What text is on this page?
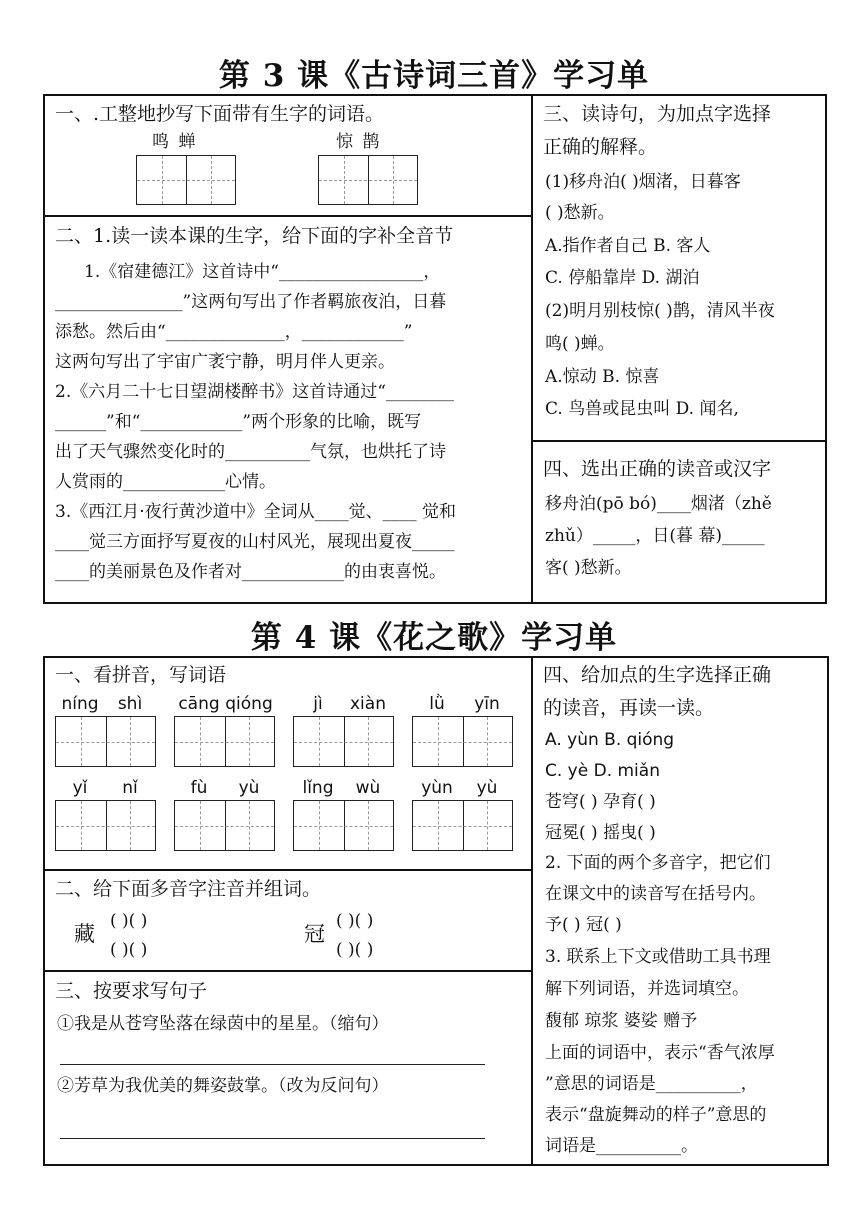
第 3 课《古诗词三首》学习单
一、.工整地抄写下面带有生字的词语。
鸣 蝉	惊 鹊
二、1.读一读本课的生字，给下面的字补全音节
1.《宿建德江》这首诗中“_________________，
_______________”这两句写出了作者羁旅夜泊，日暮
添愁。然后由“______________，____________”
这两句写出了宇宙广袤宁静，明月伴人更亲。
2.《六月二十七日望湖楼醉书》这首诗通过“________
______”和“____________”两个形象的比喻，既写
出了天气骤然变化时的__________气氛，也烘托了诗
人赏雨的____________心情。
3.《西江月·夜行黄沙道中》全词从____觉、____ 觉和
____觉三方面抒写夏夜的山村风光，展现出夏夜_____
____的美丽景色及作者对____________的由衷喜悦。
三、读诗句，为加点字选择
正确的解释。
(1)移舟泊( )烟渚，日暮客
( )愁新。
A.指作者自己 B. 客人
C. 停船靠岸 D. 湖泊
(2)明月别枝惊( )鹊，清风半夜
鸣( )蝉。
A.惊动 B. 惊喜
C. 鸟兽或昆虫叫 D. 闻名,
四、选出正确的读音或汉字
移舟泊(pō bó)____烟渚（zhě
zhǔ）_____，日(暮 幕)_____
客( )愁新。
第 4 课《花之歌》学习单
一、看拼音，写词语
níng	shì	cāng qióng	jì	xiàn	lǜ	yīn
yǐ	nǐ	fù	yù	lǐng	wù	yùn	yù
二、给下面多音字注音并组词。
藏
( )( )
( )( )
冠
( )( )
( )( )
三、按要求写句子
①我是从苍穹坠落在绿茵中的星星。（缩句）
②芳草为我优美的舞姿鼓掌。（改为反问句）
四、给加点的生字选择正确
的读音，再读一读。
A. yùn B. qióng
C. yè D. miǎn
苍穹( ) 孕育( )
冠冕( ) 摇曳( )
2. 下面的两个多音字，把它们
在课文中的读音写在括号内。
予( ) 冠( )
3. 联系上下文或借助工具书理
解下列词语，并选词填空。
馥郁 琼浆 婆娑 赠予
上面的词语中，表示“香气浓厚
”意思的词语是__________，
表示“盘旋舞动的样子”意思的
词语是__________。
